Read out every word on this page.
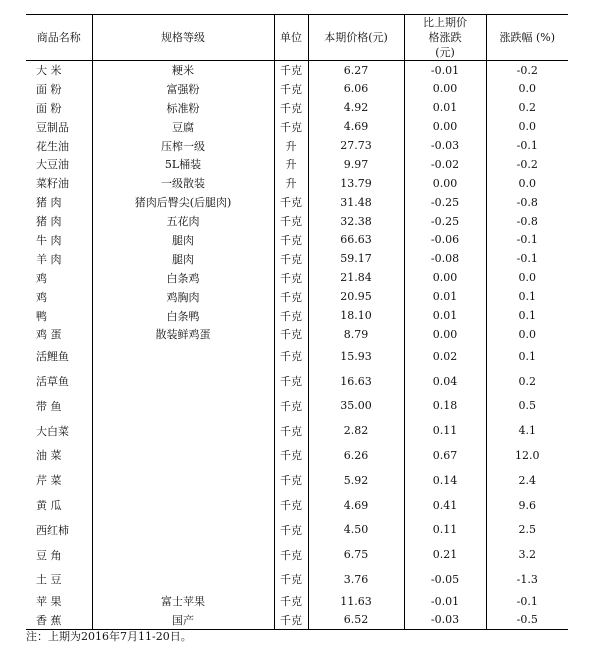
商品名称	规格等级	单位	本期价格(元)	比上期价格涨跌(元)	涨跌幅 (%)
大 米	粳米	千克	6.27	-0.01	-0.2
面 粉	富强粉	千克	6.06	0.00	0.0
面 粉	标准粉	千克	4.92	0.01	0.2
豆制品	豆腐	千克	4.69	0.00	0.0
花生油	压榨一级	升	27.73	-0.03	-0.1
大豆油	5L桶装	升	9.97	-0.02	-0.2
菜籽油	一级散装	升	13.79	0.00	0.0
猪 肉	猪肉后臀尖(后腿肉)	千克	31.48	-0.25	-0.8
猪 肉	五花肉	千克	32.38	-0.25	-0.8
牛 肉	腿肉	千克	66.63	-0.06	-0.1
羊 肉	腿肉	千克	59.17	-0.08	-0.1
鸡	白条鸡	千克	21.84	0.00	0.0
鸡	鸡胸肉	千克	20.95	0.01	0.1
鸭	白条鸭	千克	18.10	0.01	0.1
鸡 蛋	散装鲜鸡蛋	千克	8.79	0.00	0.0
活鲤鱼		千克	15.93	0.02	0.1
活草鱼		千克	16.63	0.04	0.2
带 鱼		千克	35.00	0.18	0.5
大白菜		千克	2.82	0.11	4.1
油 菜		千克	6.26	0.67	12.0
芹 菜		千克	5.92	0.14	2.4
黄 瓜		千克	4.69	0.41	9.6
西红柿		千克	4.50	0.11	2.5
豆 角		千克	6.75	0.21	3.2
土 豆		千克	3.76	-0.05	-1.3
苹 果	富士苹果	千克	11.63	-0.01	-0.1
香 蕉	国产	千克	6.52	-0.03	-0.5
注：上期为2016年7月11-20日。
